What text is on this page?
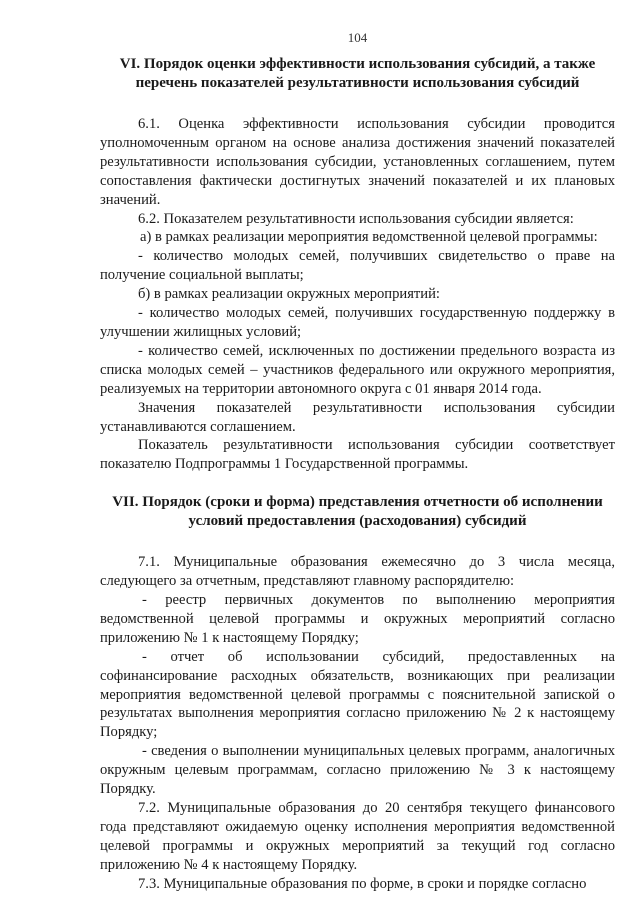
104
VI. Порядок оценки эффективности использования субсидий, а также перечень показателей результативности использования субсидий

6.1. Оценка эффективности использования субсидии проводится уполномоченным органом на основе анализа достижения значений показателей результативности использования субсидии, установленных соглашением, путем сопоставления фактически достигнутых значений показателей и их плановых значений.

6.2. Показателем результативности использования субсидии является:

а) в рамках реализации мероприятия ведомственной целевой программы:

- количество молодых семей, получивших свидетельство о праве на получение социальной выплаты;

б) в рамках реализации окружных мероприятий:

- количество молодых семей, получивших государственную поддержку в улучшении жилищных условий;

- количество семей, исключенных по достижении предельного возраста из списка молодых семей – участников федерального или окружного мероприятия, реализуемых на территории автономного округа с 01 января 2014 года.

Значения показателей результативности использования субсидии устанавливаются соглашением.

Показатель результативности использования субсидии соответствует показателю Подпрограммы 1 Государственной программы.

VII. Порядок (сроки и форма) представления отчетности об исполнении условий предоставления (расходования) субсидий

7.1. Муниципальные образования ежемесячно до 3 числа месяца, следующего за отчетным, представляют главному распорядителю:

- реестр первичных документов по выполнению мероприятия ведомственной целевой программы и окружных мероприятий согласно приложению № 1 к настоящему Порядку;

- отчет об использовании субсидий, предоставленных на софинансирование расходных обязательств, возникающих при реализации мероприятия ведомственной целевой программы с пояснительной запиской о результатах выполнения мероприятия согласно приложению № 2 к настоящему Порядку;

- сведения о выполнении муниципальных целевых программ, аналогичных окружным целевым программам, согласно приложению № 3 к настоящему Порядку.

7.2. Муниципальные образования до 20 сентября текущего финансового года представляют ожидаемую оценку исполнения мероприятия ведомственной целевой программы и окружных мероприятий за текущий год согласно приложению № 4 к настоящему Порядку.

7.3. Муниципальные образования по форме, в сроки и порядке согласно
